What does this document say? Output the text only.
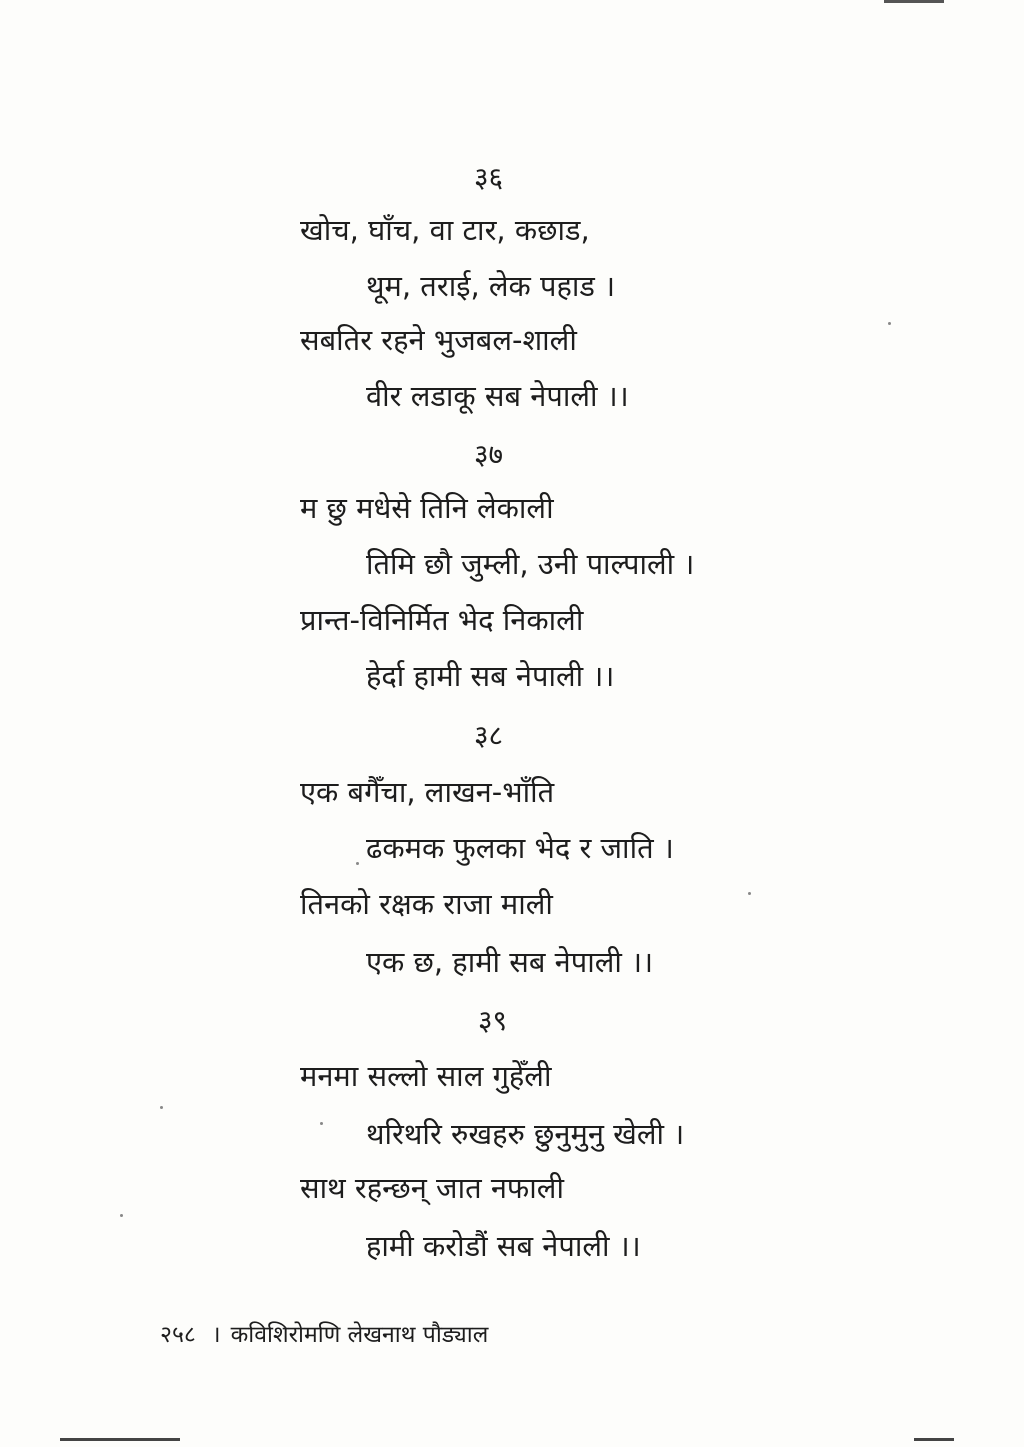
३६
खोच, घाँच, वा टार, कछाड,
थूम, तराई, लेक पहाड ।
सबतिर रहने भुजबल-शाली
वीर लडाकू सब नेपाली ।।
३७
म छु मधेसे तिनि लेकाली
तिमि छौ जुम्ली, उनी पाल्पाली ।
प्रान्त-विनिर्मित भेद निकाली
हेर्दा हामी सब नेपाली ।।
३८
एक बगैँचा, लाखन-भाँति
ढकमक फुलका भेद र जाति ।
तिनको रक्षक राजा माली
एक छ, हामी सब नेपाली ।।
३९
मनमा सल्लो साल गुहेँली
थरिथरि रुखहरु छुनुमुनु खेली ।
साथ रहन्छन् जात नफाली
हामी करोडौं सब नेपाली ।।
२५८ । कविशिरोमणि लेखनाथ पौड्याल
